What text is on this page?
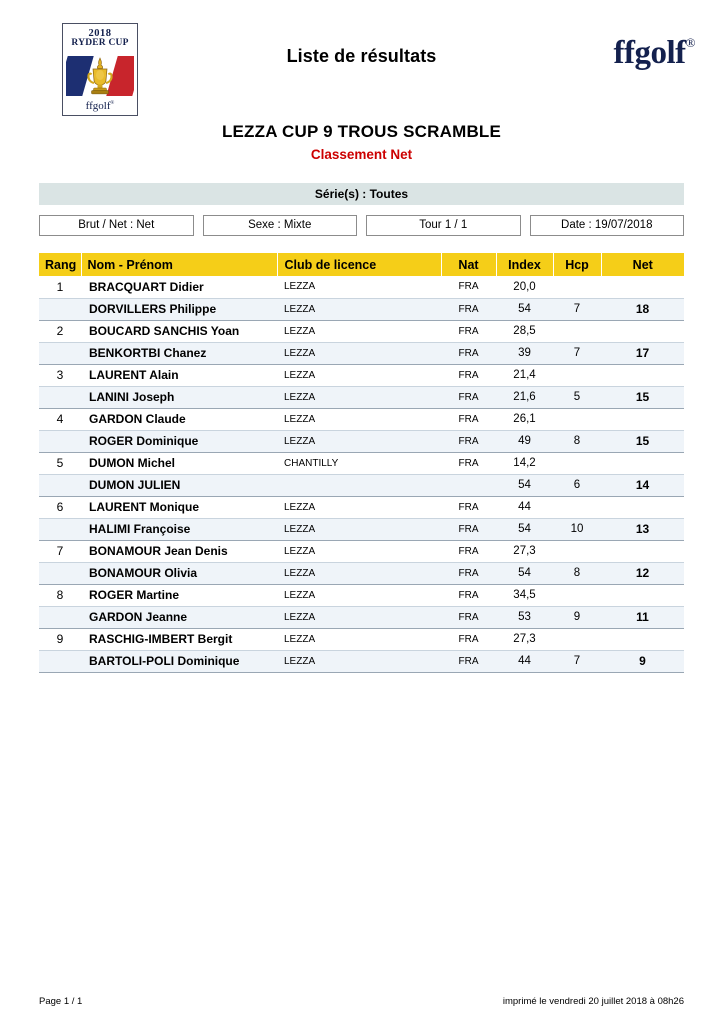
2018
RYDER CUP
ffgolf®
Liste de résultats	ffgolf®
LEZZA CUP 9 TROUS SCRAMBLE
Classement Net
Série(s) : Toutes
Brut / Net : Net	Sexe : Mixte	Tour 1 / 1	Date : 19/07/2018
Rang	Nom - Prénom	Club de licence	Nat	Index	Hcp	Net
1	BRACQUART Didier	LEZZA	FRA	20,0		
	DORVILLERS Philippe	LEZZA	FRA	54	7	18
2	BOUCARD SANCHIS Yoan	LEZZA	FRA	28,5		
	BENKORTBI Chanez	LEZZA	FRA	39	7	17
3	LAURENT Alain	LEZZA	FRA	21,4		
	LANINI Joseph	LEZZA	FRA	21,6	5	15
4	GARDON Claude	LEZZA	FRA	26,1		
	ROGER Dominique	LEZZA	FRA	49	8	15
5	DUMON Michel	CHANTILLY	FRA	14,2		
	DUMON JULIEN			54	6	14
6	LAURENT Monique	LEZZA	FRA	44		
	HALIMI Françoise	LEZZA	FRA	54	10	13
7	BONAMOUR Jean Denis	LEZZA	FRA	27,3		
	BONAMOUR Olivia	LEZZA	FRA	54	8	12
8	ROGER Martine	LEZZA	FRA	34,5		
	GARDON Jeanne	LEZZA	FRA	53	9	11
9	RASCHIG-IMBERT Bergit	LEZZA	FRA	27,3		
	BARTOLI-POLI Dominique	LEZZA	FRA	44	7	9
Page 1 / 1	imprimé le vendredi 20 juillet 2018 à 08h26
